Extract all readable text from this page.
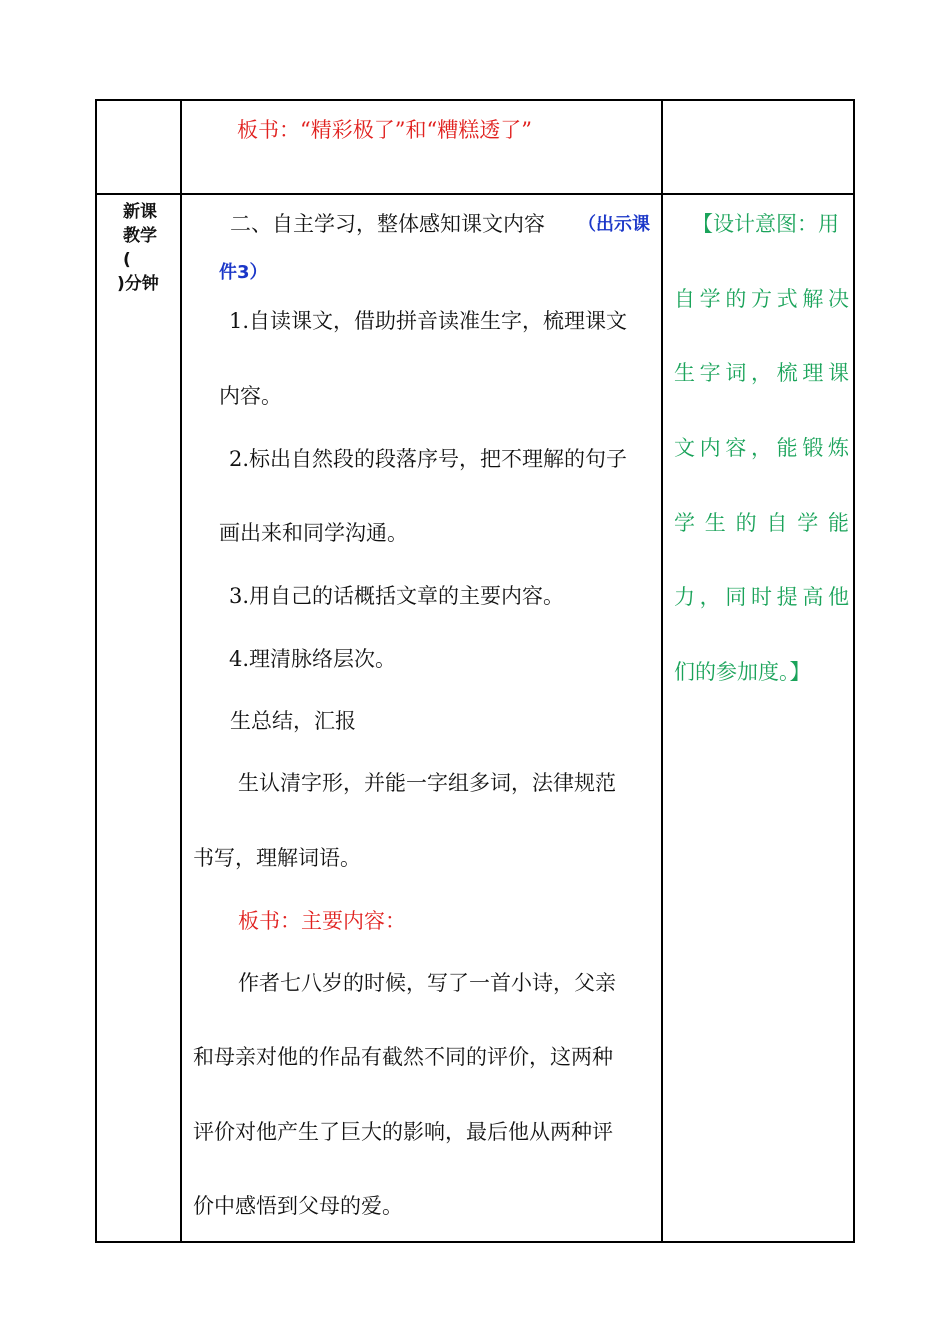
板书：“精彩极了”和“糟糕透了”
新课
教学
(
)分钟
二、自主学习，整体感知课文内容 （出示课
件3）
1.自读课文，借助拼音读准生字，梳理课文
内容。
2.标出自然段的段落序号，把不理解的句子
画出来和同学沟通。
3.用自己的话概括文章的主要内容。
4.理清脉络层次。
生总结，汇报
生认清字形，并能一字组多词，法律规范
书写，理解词语。
板书：主要内容：
作者七八岁的时候，写了一首小诗，父亲
和母亲对他的作品有截然不同的评价，这两种
评价对他产生了巨大的影响，最后他从两种评
价中感悟到父母的爱。
【设计意图：用
自学的方式解决
生字词，梳理课
文内容，能锻炼
学生的自学能
力，同时提高他
们的参加度。】
